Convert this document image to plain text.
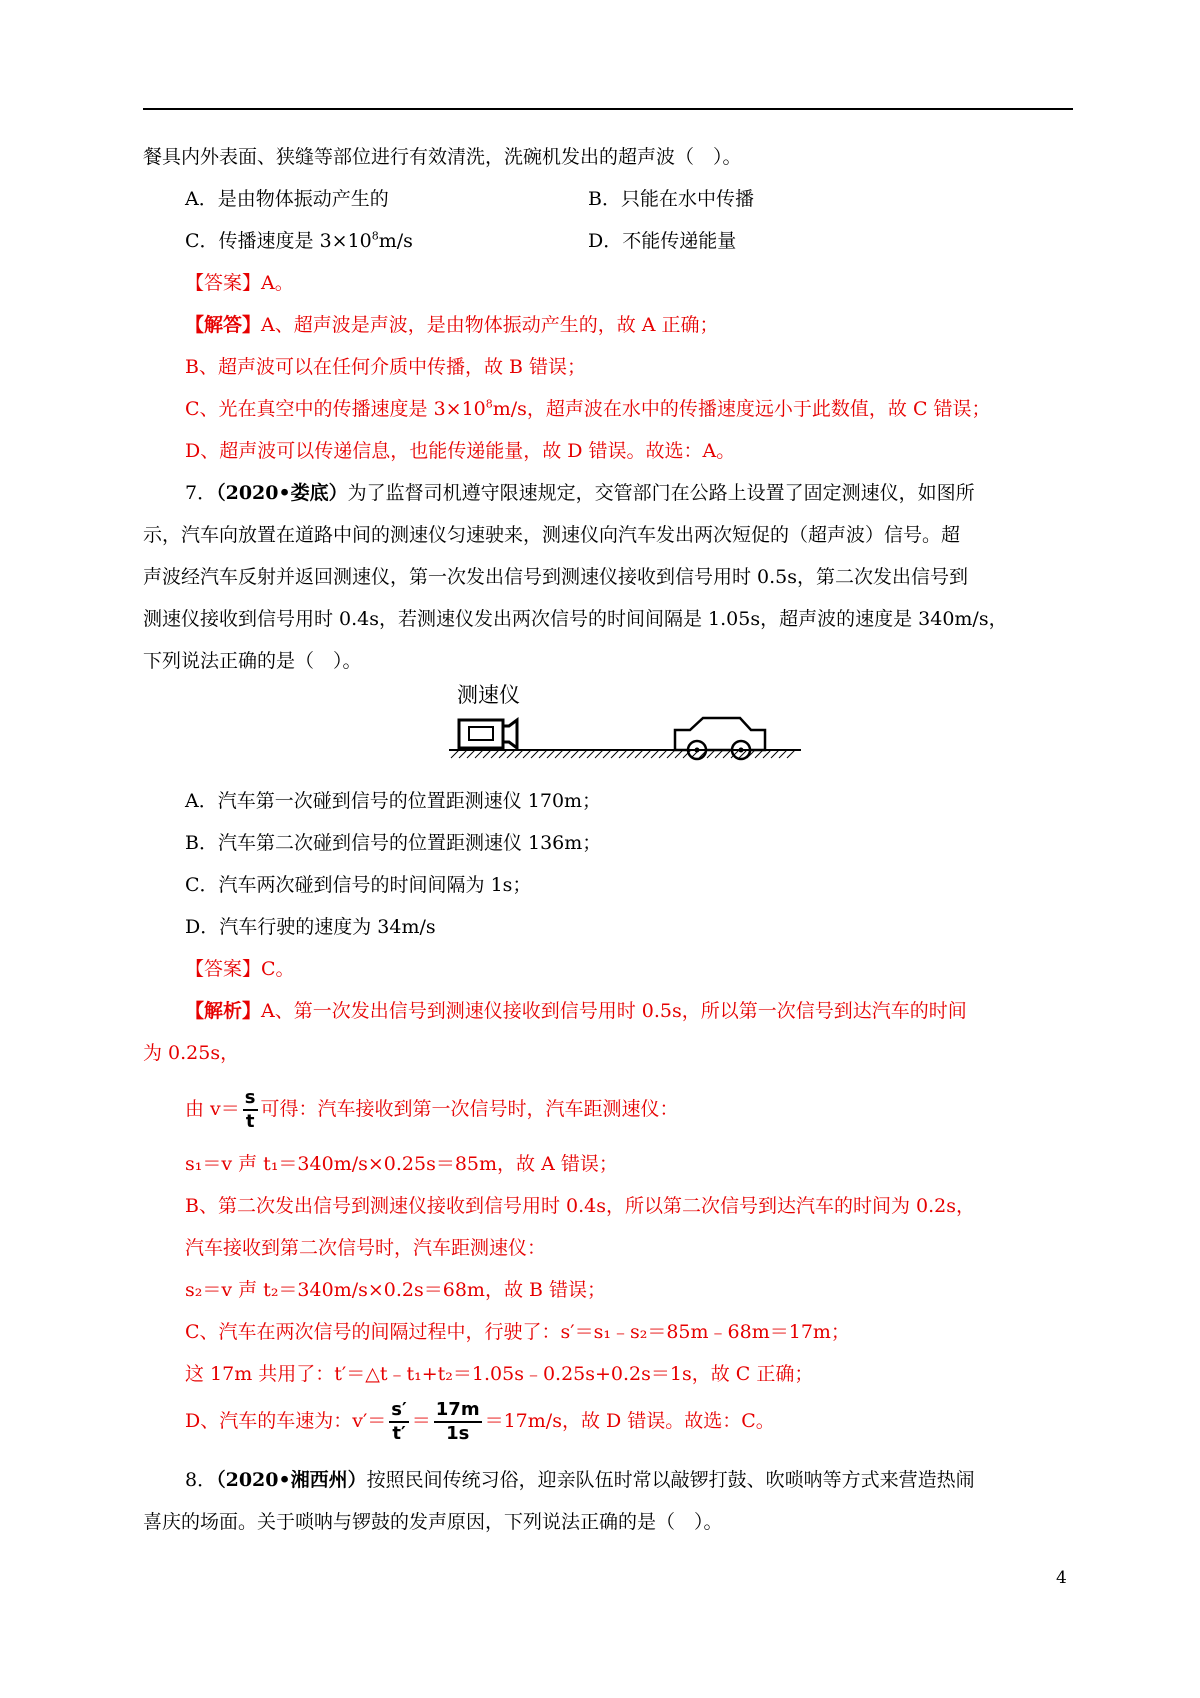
餐具内外表面、狭缝等部位进行有效清洗，洗碗机发出的超声波（　）。
A．是由物体振动产生的	B．只能在水中传播
C．传播速度是 $3\times 10^8m/s$	D．不能传递能量
【答案】A。
【解答】A、超声波是声波，是由物体振动产生的，故 A 正确；
B、超声波可以在任何介质中传播，故 B 错误；
C、光在真空中的传播速度是 $3\times 10^8m/s$，超声波在水中的传播速度远小于此数值，故 C 错误；
D、超声波可以传递信息，也能传递能量，故 D 错误。故选：A。
7．（2020•娄底）为了监督司机遵守限速规定，交管部门在公路上设置了固定测速仪，如图所
示，汽车向放置在道路中间的测速仪匀速驶来，测速仪向汽车发出两次短促的（超声波）信号。超
声波经汽车反射并返回测速仪，第一次发出信号到测速仪接收到信号用时 0.5s，第二次发出信号到
测速仪接收到信号用时 0.4s，若测速仪发出两次信号的时间间隔是 1.05s，超声波的速度是 340m/s，
下列说法正确的是（　）。
测速仪
A．汽车第一次碰到信号的位置距测速仪 170m；
B．汽车第二次碰到信号的位置距测速仪 136m；
C．汽车两次碰到信号的时间间隔为 1s；
D．汽车行驶的速度为 34m/s
【答案】C。
【解析】A、第一次发出信号到测速仪接收到信号用时 0.5s，所以第一次信号到达汽车的时间
为 0.25s，
由 $v= \frac{s}{t}$ 可得：汽车接收到第一次信号时，汽车距测速仪：
s₁＝v 声 t₁＝340m/s×0.25s＝85m，故 A 错误；
B、第二次发出信号到测速仪接收到信号用时 0.4s，所以第二次信号到达汽车的时间为 0.2s，
汽车接收到第二次信号时，汽车距测速仪：
s₂＝v 声 t₂＝340m/s×0.2s＝68m，故 B 错误；
C、汽车在两次信号的间隔过程中，行驶了：s′＝s₁﹣s₂＝85m﹣68m＝17m；
这 17m 共用了：t′＝△t﹣t₁+t₂＝1.05s﹣0.25s+0.2s＝1s，故 C 正确；
D、汽车的车速为：$v'= \frac{s'}{t'} = \frac{17m}{1s} =17m/s$，故 D 错误。故选：C。
8．（2020•湘西州）按照民间传统习俗，迎亲队伍时常以敲锣打鼓、吹唢呐等方式来营造热闹
喜庆的场面。关于唢呐与锣鼓的发声原因，下列说法正确的是（　）。
4
